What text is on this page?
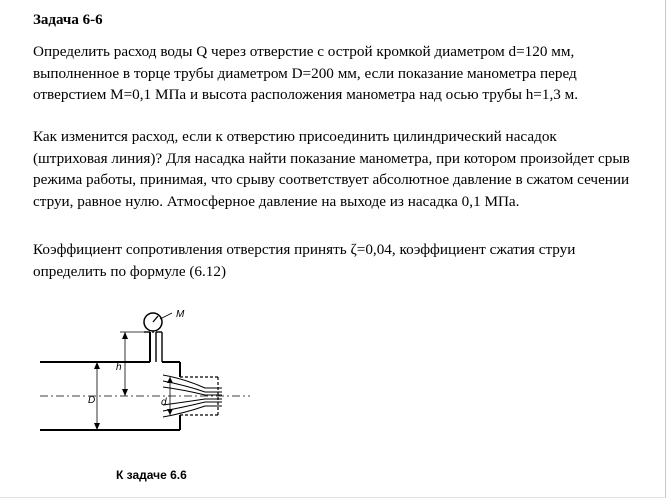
Задача 6-6
Определить расход воды Q через отверстие с острой кромкой диаметром d=120 мм, выполненное в торце трубы диаметром D=200 мм, если показание манометра перед отверстием М=0,1 МПа и высота расположения манометра над осью трубы h=1,3 м.
Как изменится расход, если к отверстию присоединить цилиндрический насадок (штриховая линия)? Для насадка найти показание манометра, при котором произойдет срыв режима работы, принимая, что срыву соответствует абсолютное давление в сжатом сечении струи, равное нулю. Атмосферное давление на выходе из насадка 0,1 МПа.
Коэффициент сопротивления отверстия принять ζ=0,04, коэффициент сжатия струи определить по формуле (6.12)
M
D
h
d
К задаче 6.6
